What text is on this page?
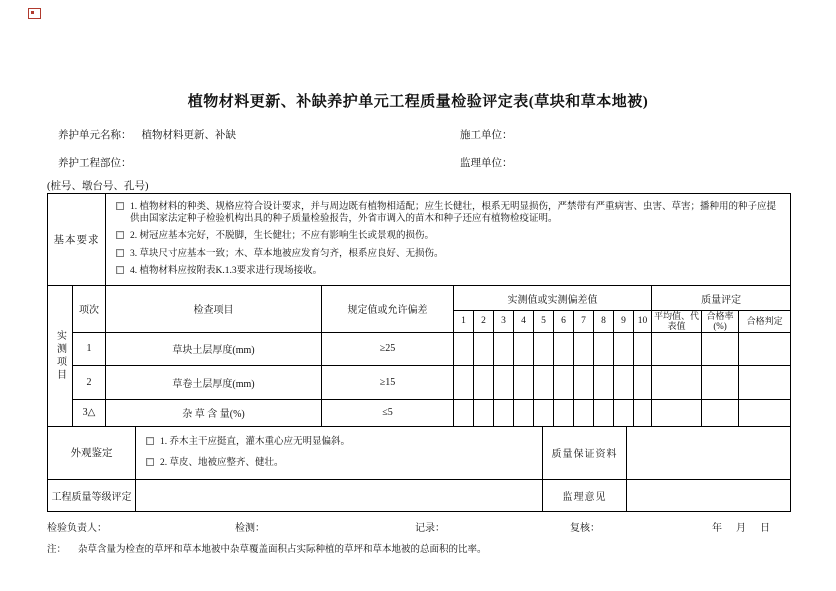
植物材料更新、补缺养护单元工程质量检验评定表(草块和草本地被)
养护单元名称： 植物材料更新、补缺	施工单位：
养护工程部位：	监理单位：
(桩号、墩台号、孔号)
基本要求	
1. 植物材料的种类、规格应符合设计要求，并与周边既有植物相适配；应生长健壮，根系无明显损伤，严禁带有严重病害、虫害、草害；播种用的种子应提供由国家法定种子检验机构出具的种子质量检验报告，外省市调入的苗木和种子还应有植物检疫证明。
2. 树冠应基本完好，不脱脚，生长健壮；不应有影响生长或景观的损伤。
3. 草块尺寸应基本一致；木、草本地被应发育匀齐，根系应良好、无损伤。
4. 植物材料应按附表K.1.3要求进行现场接收。
实测项目	项次	检查项目	规定值或允许偏差	实测值或实测偏差值										质量评定		
				1	2	3	4	5	6	7	8	9	10	平均值、代表值	合格率(%)	合格判定
	1	草块土层厚度(mm)	≥25													
	2	草卷土层厚度(mm)	≥15													
	3△	杂 草 含 量(%)	≤5													
外观鉴定	1. 乔木主干应挺直，灌木重心应无明显偏斜。
2. 草皮、地被应整齐、健壮。	质量保证资料	
工程质量等级评定		监理意见	
检验负责人：	检测：	记录：	复核：	年　月　日
注： 杂草含量为检查的草坪和草本地被中杂草覆盖面积占实际种植的草坪和草本地被的总面积的比率。
